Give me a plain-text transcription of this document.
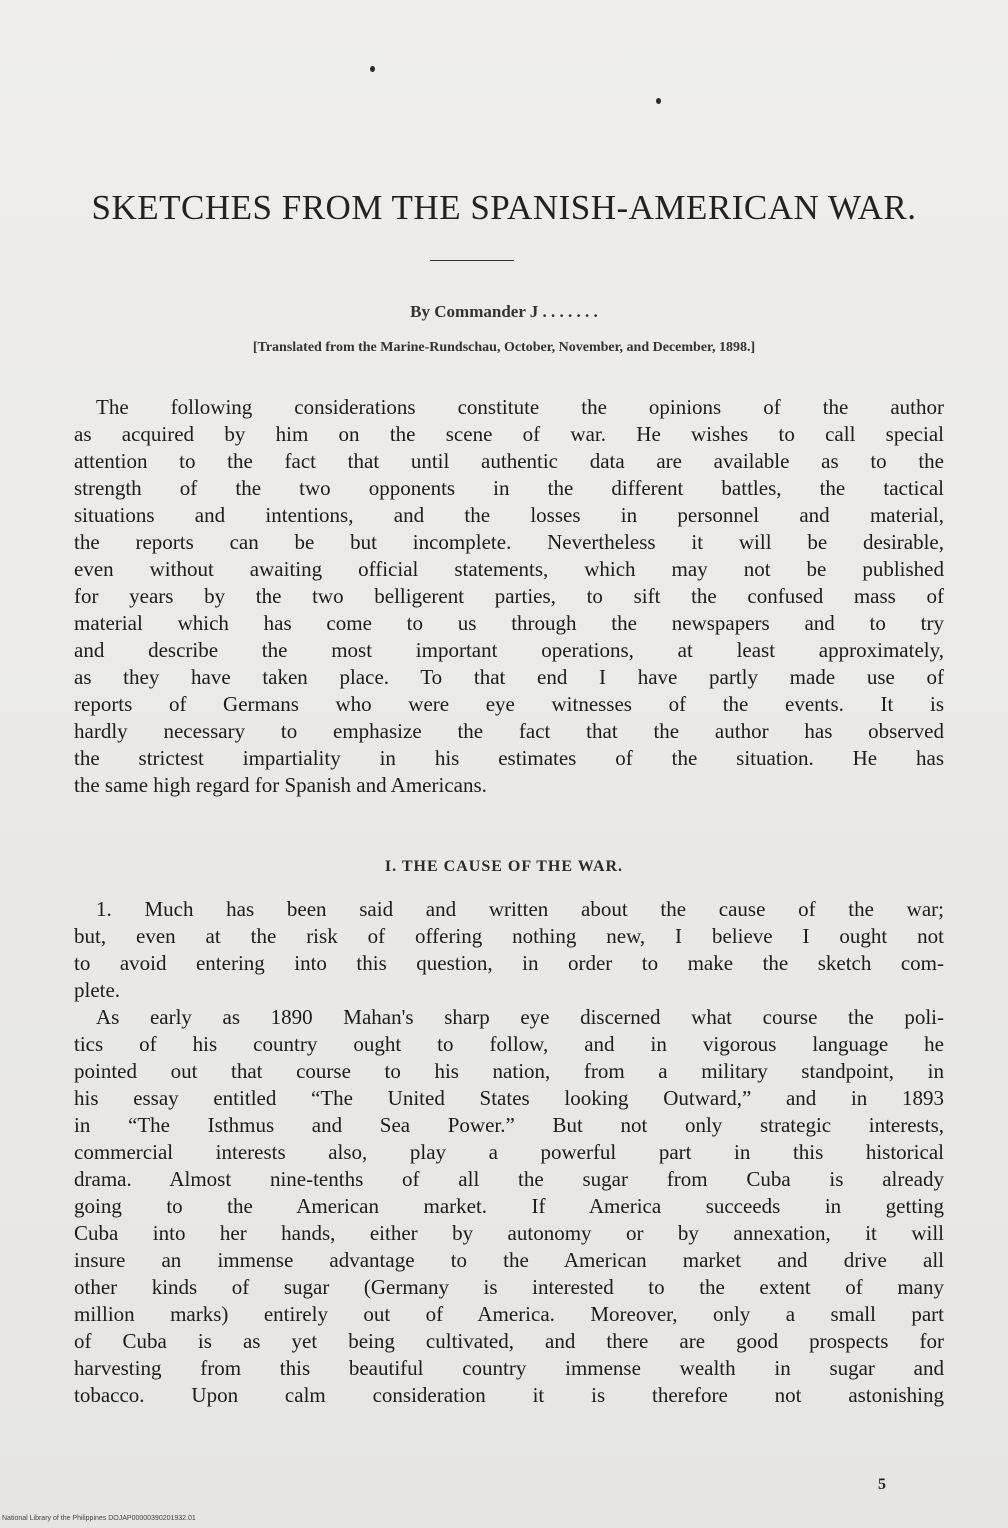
SKETCHES FROM THE SPANISH-AMERICAN WAR.
By Commander J . . . . . . .
[Translated from the Marine-Rundschau, October, November, and December, 1898.]
The following considerations constitute the opinions of the author
as acquired by him on the scene of war. He wishes to call special
attention to the fact that until authentic data are available as to the
strength of the two opponents in the different battles, the tactical
situations and intentions, and the losses in personnel and material,
the reports can be but incomplete. Nevertheless it will be desirable,
even without awaiting official statements, which may not be published
for years by the two belligerent parties, to sift the confused mass of
material which has come to us through the newspapers and to try
and describe the most important operations, at least approximately,
as they have taken place. To that end I have partly made use of
reports of Germans who were eye witnesses of the events. It is
hardly necessary to emphasize the fact that the author has observed
the strictest impartiality in his estimates of the situation. He has
the same high regard for Spanish and Americans.
I. THE CAUSE OF THE WAR.
1. Much has been said and written about the cause of the war;
but, even at the risk of offering nothing new, I believe I ought not
to avoid entering into this question, in order to make the sketch com-
plete.
As early as 1890 Mahan's sharp eye discerned what course the poli-
tics of his country ought to follow, and in vigorous language he
pointed out that course to his nation, from a military standpoint, in
his essay entitled “The United States looking Outward,” and in 1893
in “The Isthmus and Sea Power.” But not only strategic interests,
commercial interests also, play a powerful part in this historical
drama. Almost nine-tenths of all the sugar from Cuba is already
going to the American market. If America succeeds in getting
Cuba into her hands, either by autonomy or by annexation, it will
insure an immense advantage to the American market and drive all
other kinds of sugar (Germany is interested to the extent of many
million marks) entirely out of America. Moreover, only a small part
of Cuba is as yet being cultivated, and there are good prospects for
harvesting from this beautiful country immense wealth in sugar and
tobacco. Upon calm consideration it is therefore not astonishing
5
National Library of the Philippines DOJAP00000390201932.01
